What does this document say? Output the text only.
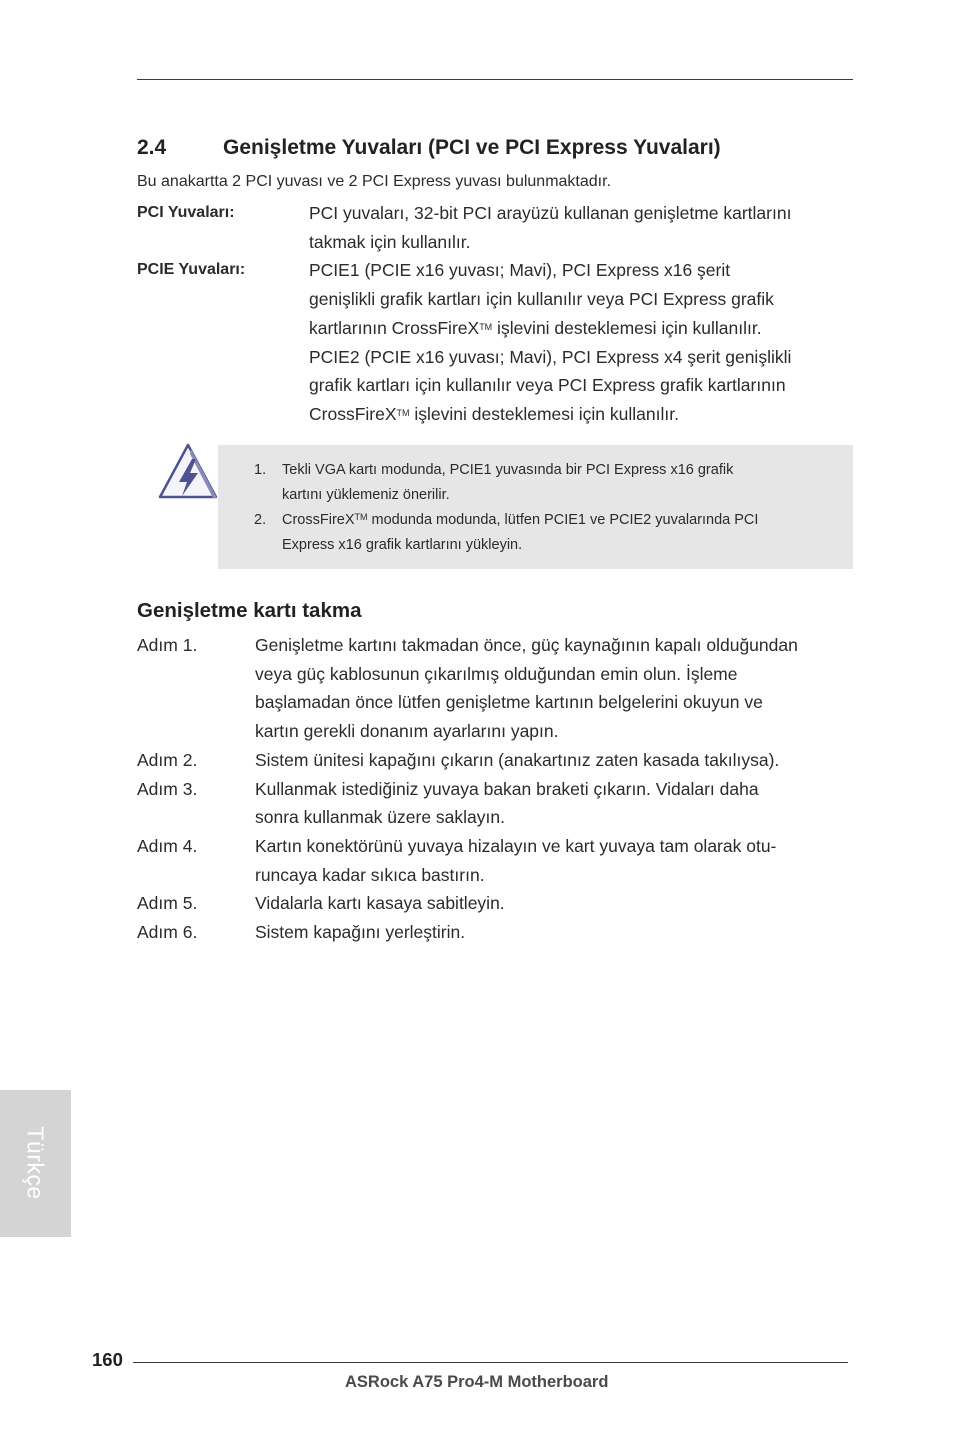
2.4	Genişletme Yuvaları (PCI ve PCI Express Yuvaları)
Bu anakartta 2 PCI yuvası ve 2 PCI Express yuvası bulunmaktadır.
PCI Yuvaları:	PCI yuvaları, 32-bit PCI arayüzü kullanan genişletme kartlarını

takmak için kullanılır.

PCIE Yuvaları:	PCIE1 (PCIE x16 yuvası; Mavi), PCI Express x16 şerit

genişlikli grafik kartları için kullanılır veya PCI Express grafik

kartlarının CrossFireX™ işlevini desteklemesi için kullanılır.

PCIE2 (PCIE x16 yuvası; Mavi), PCI Express x4 şerit genişlikli

grafik kartları için kullanılır veya PCI Express grafik kartlarının

CrossFireX™ işlevini desteklemesi için kullanılır.

1.	Tekli VGA kartı modunda, PCIE1 yuvasında bir PCI Express x16 grafik
kartını yüklemeniz önerilir.
2.	CrossFireX™ modunda modunda, lütfen PCIE1 ve PCIE2 yuvalarında PCI
Express x16 grafik kartlarını yükleyin.
Genişletme kartı takma
Adım 1.	Genişletme kartını takmadan önce, güç kaynağının kapalı olduğundan
veya güç kablosunun çıkarılmış olduğundan emin olun. İşleme
başlamadan önce lütfen genişletme kartının belgelerini okuyun ve
kartın gerekli donanım ayarlarını yapın.
Adım 2.	Sistem ünitesi kapağını çıkarın (anakartınız zaten kasada takılıysa).
Adım 3.	Kullanmak istediğiniz yuvaya bakan braketi çıkarın. Vidaları daha
sonra kullanmak üzere saklayın.
Adım 4.	Kartın konektörünü yuvaya hizalayın ve kart yuvaya tam olarak otu-
runcaya kadar sıkıca bastırın.
Adım 5.	Vidalarla kartı kasaya sabitleyin.
Adım 6.	Sistem kapağını yerleştirin.
Türkçe
160
ASRock A75 Pro4-M Motherboard
